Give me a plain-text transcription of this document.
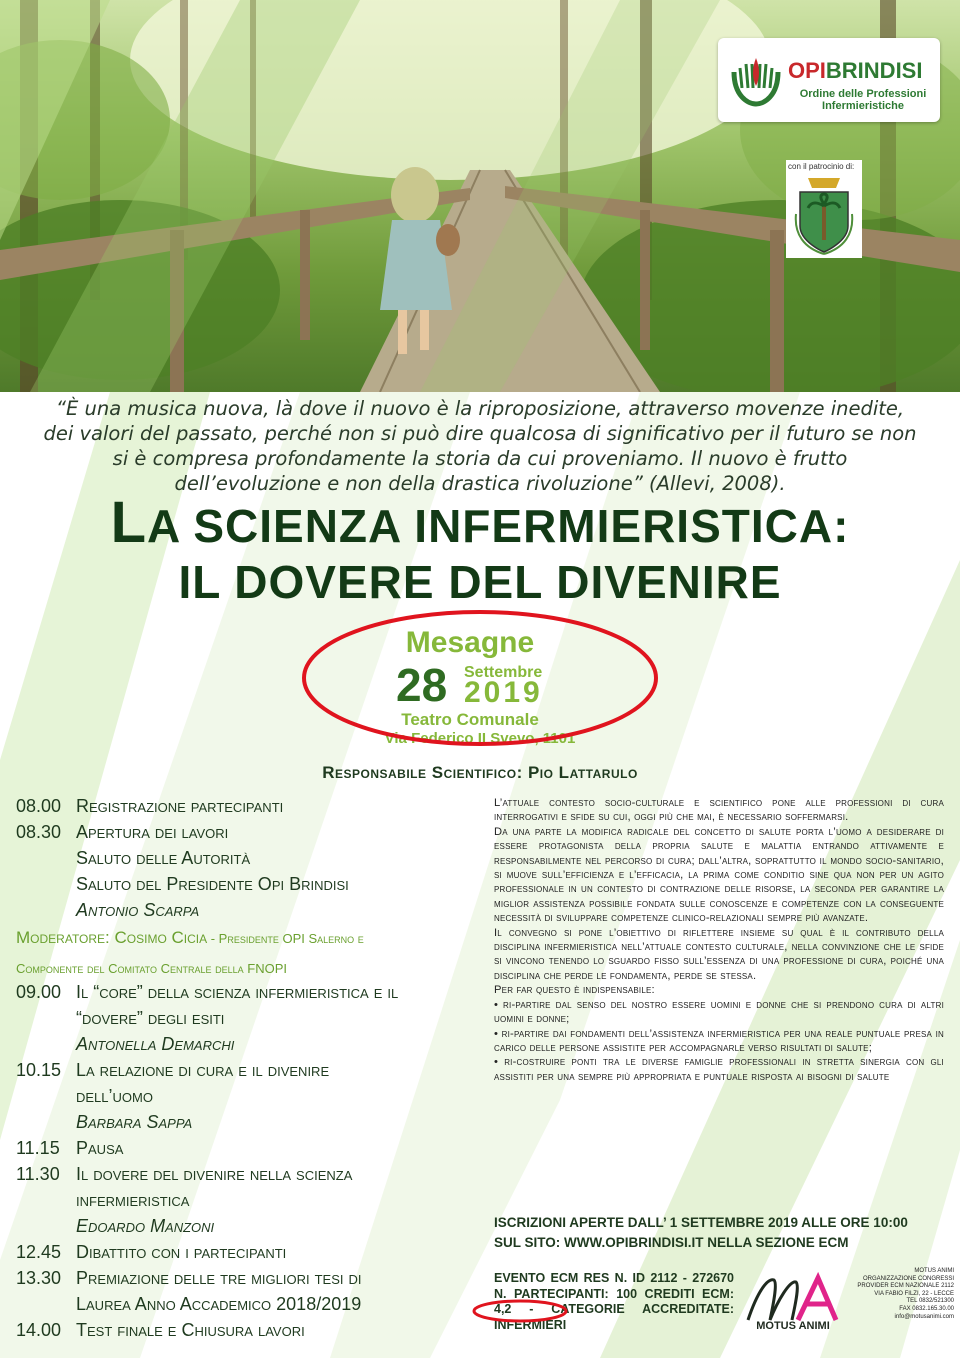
OPIBRINDISI
Ordine delle Professioni Infermieristiche
con il patrocinio di:
“È una musica nuova, là dove il nuovo è la riproposizione, attraverso movenze inedite, dei valori del passato, perché non si può dire qualcosa di significativo per il futuro se non si è compresa profondamente la storia da cui proveniamo. Il nuovo è frutto dell’evoluzione e non della drastica rivoluzione” (Allevi, 2008).
LA SCIENZA INFERMIERISTICA:
IL DOVERE DEL DIVENIRE
Mesagne
28 Settembre
2019
Teatro Comunale
Via Federico II Svevo, 1101
Responsabile Scientifico: Pio Lattarulo
08.00 Registrazione partecipanti
08.30 Apertura dei lavori
Saluto delle Autorità
Saluto del Presidente Opi Brindisi
Antonio Scarpa
Moderatore: Cosimo Cicia - Presidente OPI Salerno e
Componente del Comitato Centrale della FNOPI
09.00 Il “core” della scienza infermieristica e il
“dovere” degli esiti
Antonella Demarchi
10.15 La relazione di cura e il divenire
dell’uomo
Barbara Sappa
11.15 Pausa
11.30 Il dovere del divenire nella scienza
infermieristica
Edoardo Manzoni
12.45 Dibattito con i partecipanti
13.30 Premiazione delle tre migliori tesi di
Laurea Anno Accademico 2018/2019
14.00 Test finale e Chiusura lavori

L’attuale contesto socio-culturale e scientifico pone alle professioni di cura interrogativi e sfide su cui, oggi più che mai, è necessario soffermarsi.

Da una parte la modifica radicale del concetto di salute porta l’uomo a desiderare di essere protagonista della propria salute e malattia entrando attivamente e responsabilmente nel percorso di cura; dall’altra, soprattutto il mondo socio-sanitario, si muove sull’efficienza e l’efficacia, la prima come conditio sine qua non per un agito professionale in un contesto di contrazione delle risorse, la seconda per garantire la miglior assistenza possibile fondata sulle conoscenze e competenze con la conseguente necessità di sviluppare competenze clinico-relazionali sempre più avanzate.

Il convegno si pone l’obiettivo di riflettere insieme su qual è il contributo della disciplina infermieristica nell’attuale contesto culturale, nella convinzione che le sfide si vincono tenendo lo sguardo fisso sull’essenza di una professione di cura, poiché una disciplina che perde le fondamenta, perde se stessa.

Per far questo è indispensabile:

• ri-partire dal senso del nostro essere uomini e donne che si prendono cura di altri uomini e donne;

• ri-partire dai fondamenti dell’assistenza infermieristica per una reale puntuale presa in carico delle persone assistite per accompagnarle verso risultati di salute;

• ri-costruire ponti tra le diverse famiglie professionali in stretta sinergia con gli assistiti per una sempre più appropriata e puntuale risposta ai bisogni di salute

ISCRIZIONI APERTE DALL’ 1 SETTEMBRE 2019 ALLE ORE 10:00
SUL SITO: WWW.OPIBRINDISI.IT NELLA SEZIONE ECM
EVENTO ECM RES N. ID 2112 - 272670 N. PARTECIPANTI: 100 CREDITI ECM: 4,2 - CATEGORIE ACCREDITATE: INFERMIERI	MOTUS ANIMI
MOTUS ANIMI
ORGANIZZAZIONE CONGRESSI
PROVIDER ECM NAZIONALE 2112
VIA FABIO FILZI, 22 - LECCE
TEL 0832/521300
FAX 0832.165.30.00
info@motusanimi.com
